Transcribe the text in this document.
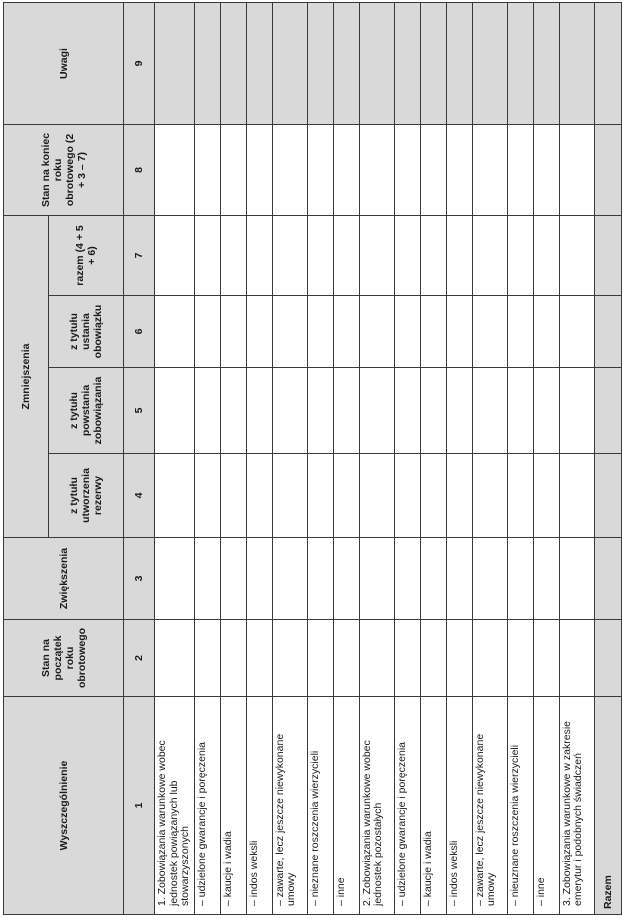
Wyszczególnienie	Stan na początek roku obrotowego	Zwiększenia	Zmniejszenia				Stan na koniec roku obrotowego (2 + 3 – 7)	Uwagi
			z tytułu utworzenia rezerwy	z tytułu powstania zobowiązania	z tytułu ustania obowiązku	razem (4 + 5 + 6)		
1	2	3	4	5	6	7	8	9
1. Zobowiązania warunkowe wobec jednostek powiązanych lub stowarzyszonych								
– udzielone gwarancje i poręczenia								
– kaucje i wadia								
– indos weksli								
– zawarte, lecz jeszcze niewykonane umowy								
– nieznane roszczenia wierzycieli								
– inne								
2. Zobowiązania warunkowe wobec jednostek pozostałych								
– udzielone gwarancje i poręczenia								
– kaucje i wadia								
– indos weksli								
– zawarte, lecz jeszcze niewykonane umowy								
– nieuznane roszczenia wierzycieli								
– inne								
3. Zobowiązania warunkowe w zakresie emerytur i podobnych świadczeń								
Razem								
